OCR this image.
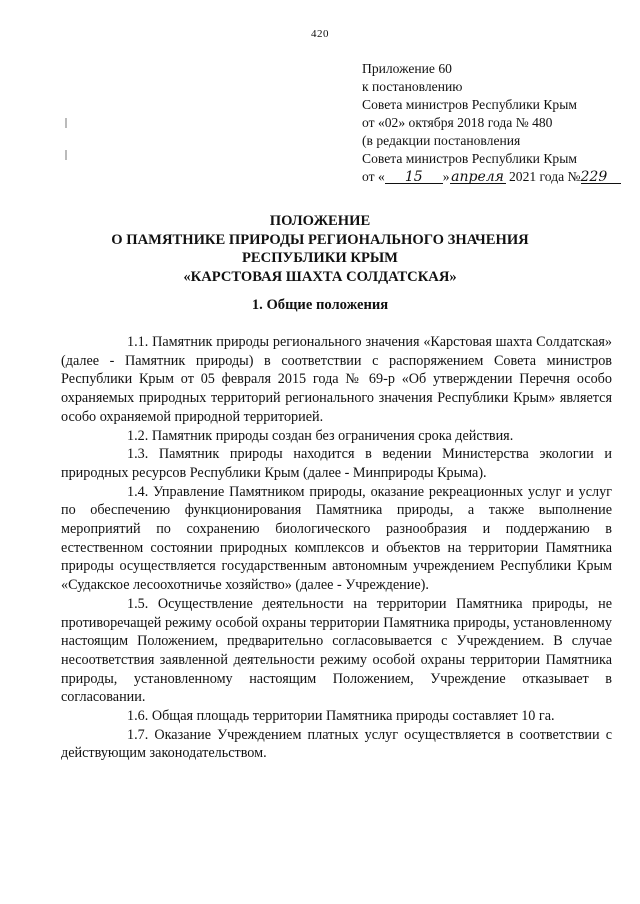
420
Приложение 60
к постановлению
Совета министров Республики Крым
от «02» октября 2018 года № 480
(в редакции постановления
Совета министров Республики Крым
от « 15 » апреля 2021 года №229
ПОЛОЖЕНИЕ
О ПАМЯТНИКЕ ПРИРОДЫ РЕГИОНАЛЬНОГО ЗНАЧЕНИЯ
РЕСПУБЛИКИ КРЫМ
«КАРСТОВАЯ ШАХТА СОЛДАТСКАЯ»
1. Общие положения

1.1. Памятник природы регионального значения «Карстовая шахта Солдатская» (далее - Памятник природы) в соответствии с распоряжением Совета министров Республики Крым от 05 февраля 2015 года № 69-р «Об утверждении Перечня особо охраняемых природных территорий регионального значения Республики Крым» является особо охраняемой природной территорией.

1.2. Памятник природы создан без ограничения срока действия.

1.3. Памятник природы находится в ведении Министерства экологии и природных ресурсов Республики Крым (далее - Минприроды Крыма).

1.4. Управление Памятником природы, оказание рекреационных услуг и услуг по обеспечению функционирования Памятника природы, а также выполнение мероприятий по сохранению биологического разнообразия и поддержанию в естественном состоянии природных комплексов и объектов на территории Памятника природы осуществляется государственным автономным учреждением Республики Крым «Судакское лесоохотничье хозяйство» (далее - Учреждение).

1.5. Осуществление деятельности на территории Памятника природы, не противоречащей режиму особой охраны территории Памятника природы, установленному настоящим Положением, предварительно согласовывается с Учреждением. В случае несоответствия заявленной деятельности режиму особой охраны территории Памятника природы, установленному настоящим Положением, Учреждение отказывает в согласовании.

1.6. Общая площадь территории Памятника природы составляет 10 га.

1.7. Оказание Учреждением платных услуг осуществляется в соответствии с действующим законодательством.
